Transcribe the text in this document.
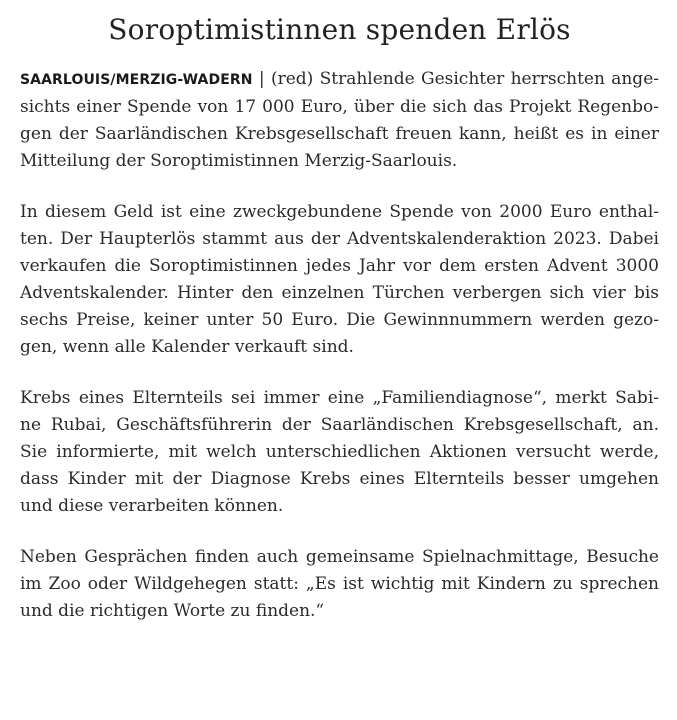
Soroptimistinnen spenden Erlös

SAARLOUIS/MERZIG-WADERN | (red) Strahlende Gesichter herrschten ange-
sichts einer Spende von 17 000 Euro, über die sich das Projekt Regenbo-
gen der Saarländischen Krebsgesellschaft freuen kann, heißt es in einer
Mitteilung der Soroptimistinnen Merzig-Saarlouis.

In diesem Geld ist eine zweckgebundene Spende von 2000 Euro enthal-
ten. Der Haupterlös stammt aus der Adventskalenderaktion 2023. Dabei
verkaufen die Soroptimistinnen jedes Jahr vor dem ersten Advent 3000
Adventskalender. Hinter den einzelnen Türchen verbergen sich vier bis
sechs Preise, keiner unter 50 Euro. Die Gewinnnummern werden gezo-
gen, wenn alle Kalender verkauft sind.

Krebs eines Elternteils sei immer eine „Familiendiagnose“, merkt Sabi-
ne Rubai, Geschäftsführerin der Saarländischen Krebsgesellschaft, an.
Sie informierte, mit welch unterschiedlichen Aktionen versucht werde,
dass Kinder mit der Diagnose Krebs eines Elternteils besser umgehen
und diese verarbeiten können.

Neben Gesprächen finden auch gemeinsame Spielnachmittage, Besuche
im Zoo oder Wildgehegen statt: „Es ist wichtig mit Kindern zu sprechen
und die richtigen Worte zu finden.“
